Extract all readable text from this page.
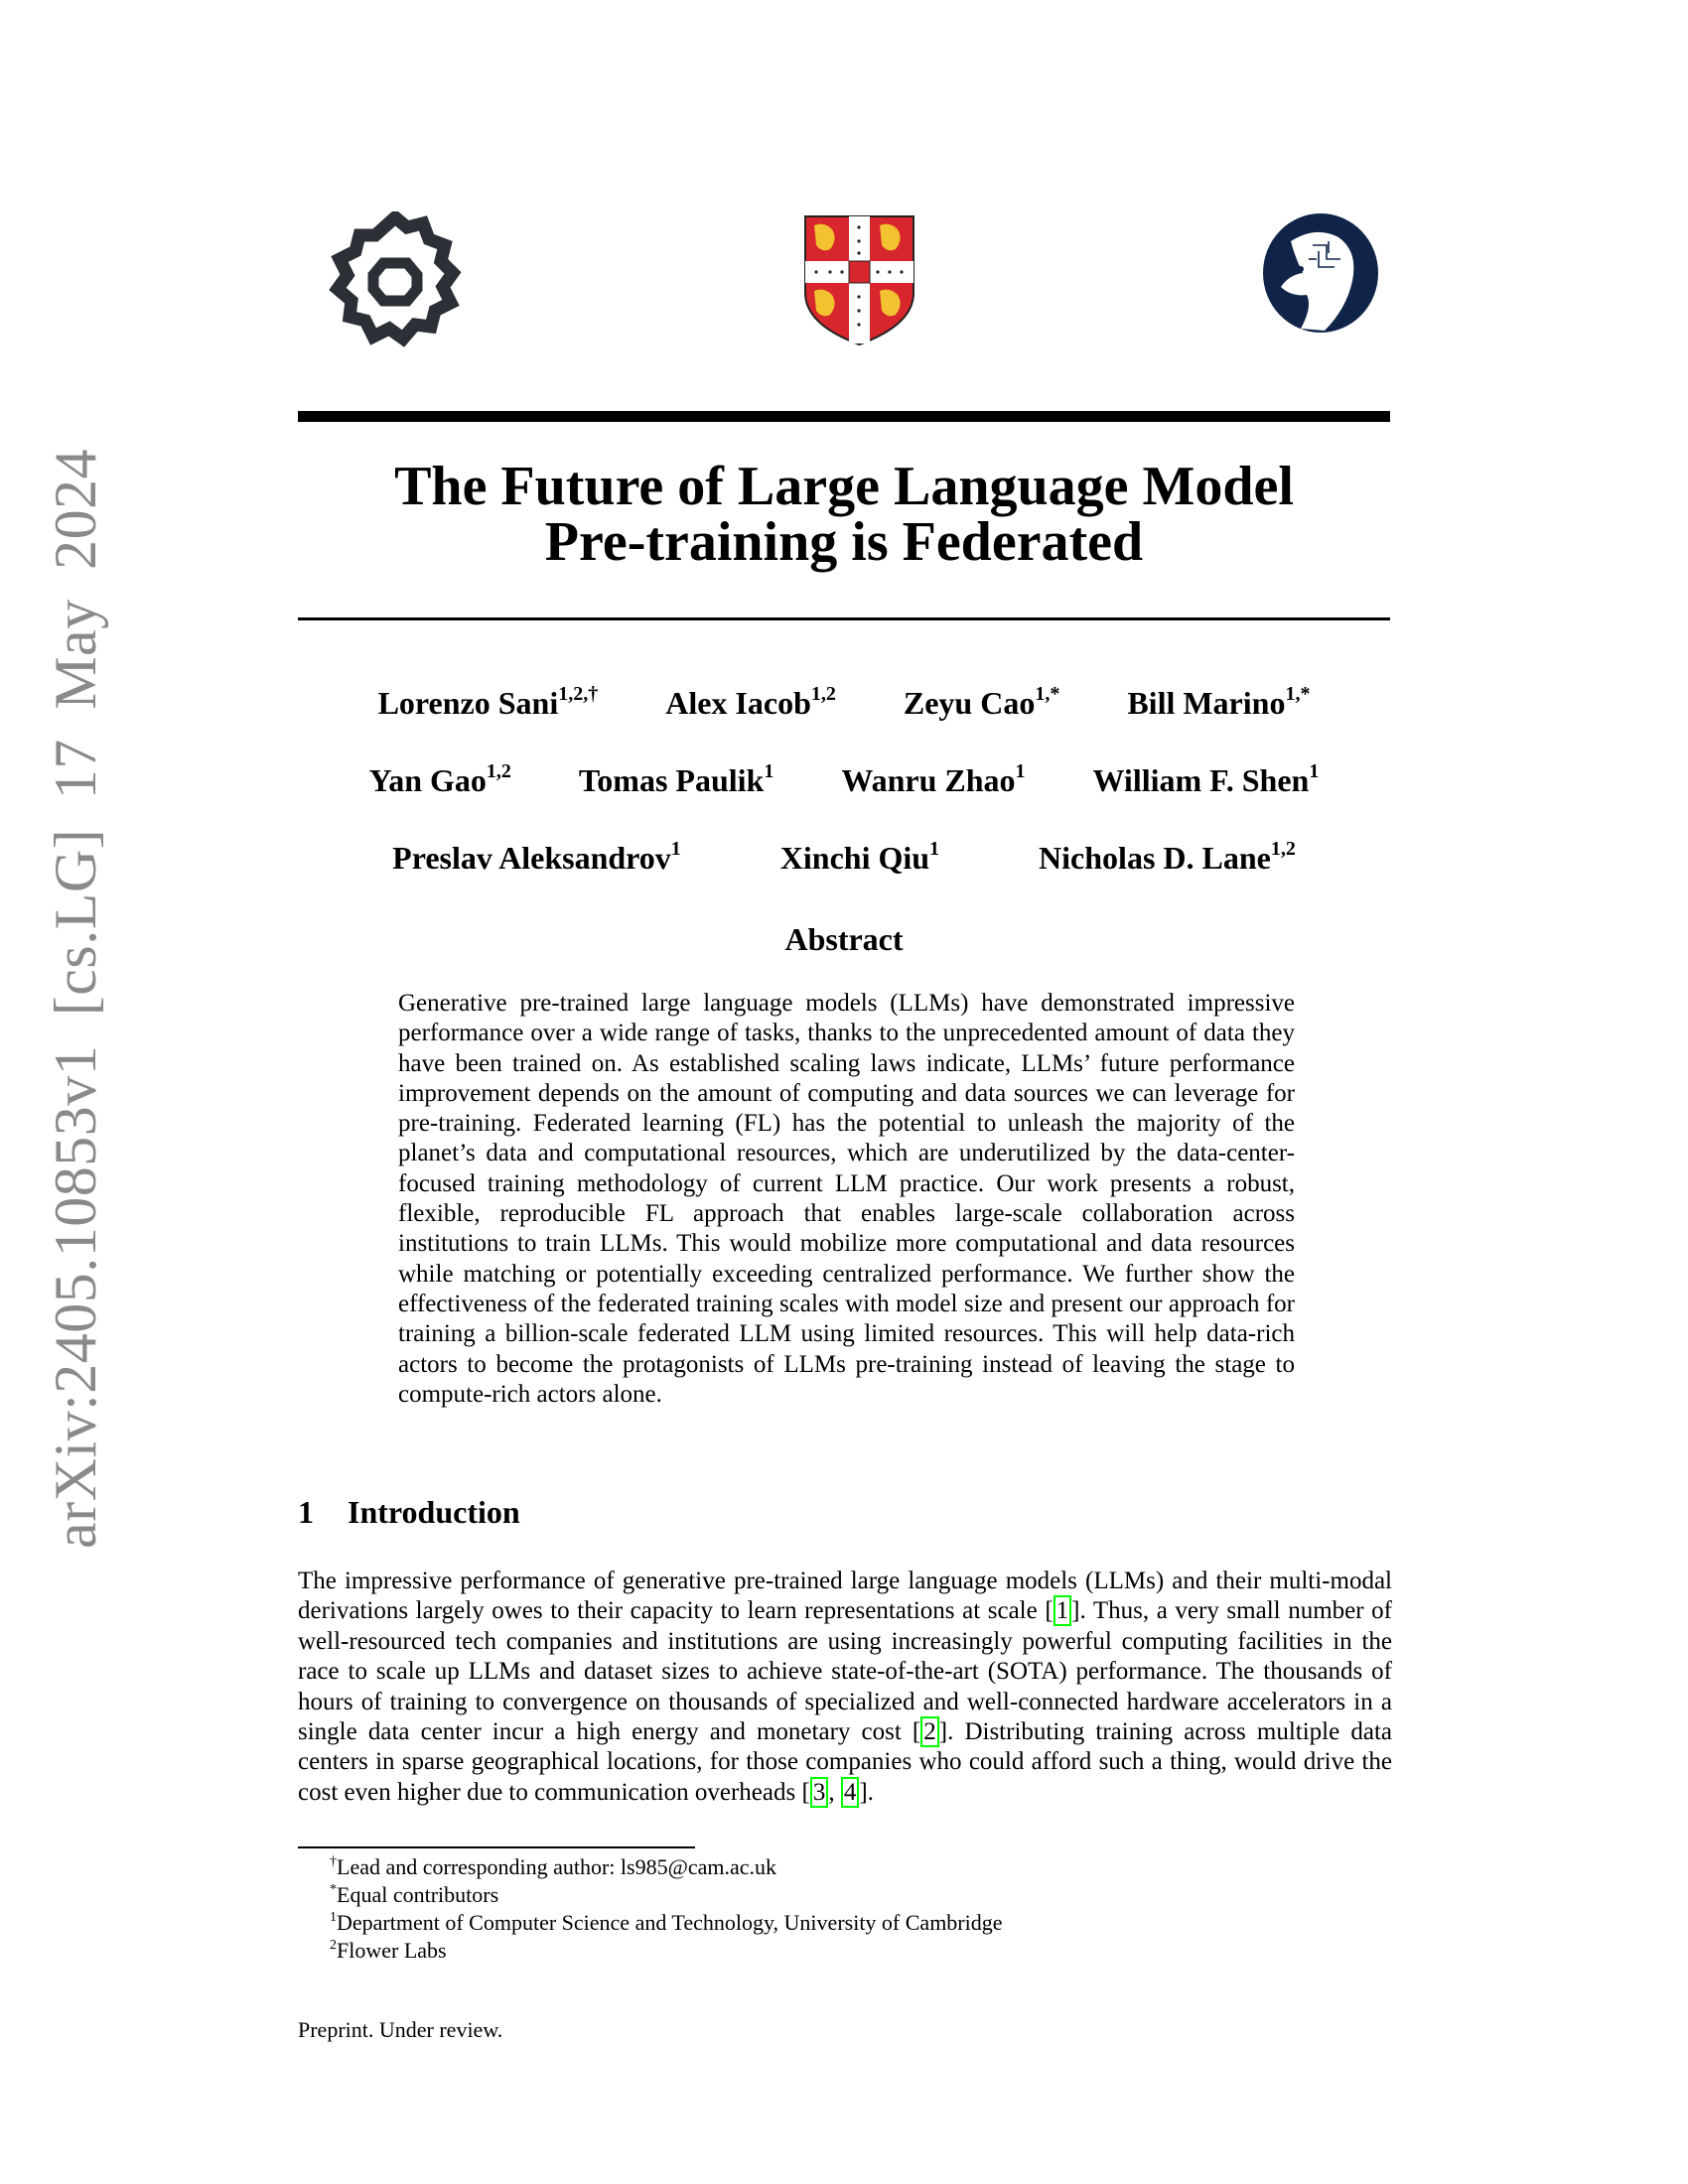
arXiv:2405.10853v1 [cs.LG] 17 May 2024	The Future of Large Language Model
Pre-training is Federated
Lorenzo Sani$^{1,2,\dagger}$ Alex Iacob$^{1,2}$ Zeyu Cao$^{1,*}$ Bill Marino$^{1,*}$
Yan Gao$^{1,2}$ Tomas Paulik$^1$ Wanru Zhao$^1$ William F. Shen$^1$
Preslav Aleksandrov$^1$	Xinchi Qiu$^1$	Nicholas D. Lane$^{1,2}$
Abstract

Generative pre-trained large language models (LLMs) have demonstrated impressive performance over a wide range of tasks, thanks to the unprecedented amount of data they have been trained on. As established scaling laws indicate, LLMs’ future performance improvement depends on the amount of computing and data sources we can leverage for pre-training. Federated learning (FL) has the potential to unleash the majority of the planet’s data and computational resources, which are underutilized by the data-center-focused training methodology of current LLM practice. Our work presents a robust, flexible, reproducible FL approach that enables large-scale collaboration across institutions to train LLMs. This would mobilize more computational and data resources while matching or potentially exceeding centralized performance. We further show the effectiveness of the federated training scales with model size and present our approach for training a billion-scale federated LLM using limited resources. This will help data-rich actors to become the protagonists of LLMs pre-training instead of leaving the stage to compute-rich actors alone.

1 Introduction

The impressive performance of generative pre-trained large language models (LLMs) and their multi-modal derivations largely owes to their capacity to learn representations at scale [ 1 ]. Thus, a very small number of well-resourced tech companies and institutions are using increasingly powerful computing facilities in the race to scale up LLMs and dataset sizes to achieve state-of-the-art (SOTA) performance. The thousands of hours of training to convergence on thousands of specialized and well-connected hardware accelerators in a single data center incur a high energy and monetary cost [ 2 ]. Distributing training across multiple data centers in sparse geographical locations, for those companies who could afford such a thing, would drive the cost even higher due to communication overheads [ 3 , 4 ].

†Lead and corresponding author: ls985@cam.ac.uk
*Equal contributors
$^1$Department of Computer Science and Technology, University of Cambridge
$^2$Flower Labs
Preprint. Under review.
